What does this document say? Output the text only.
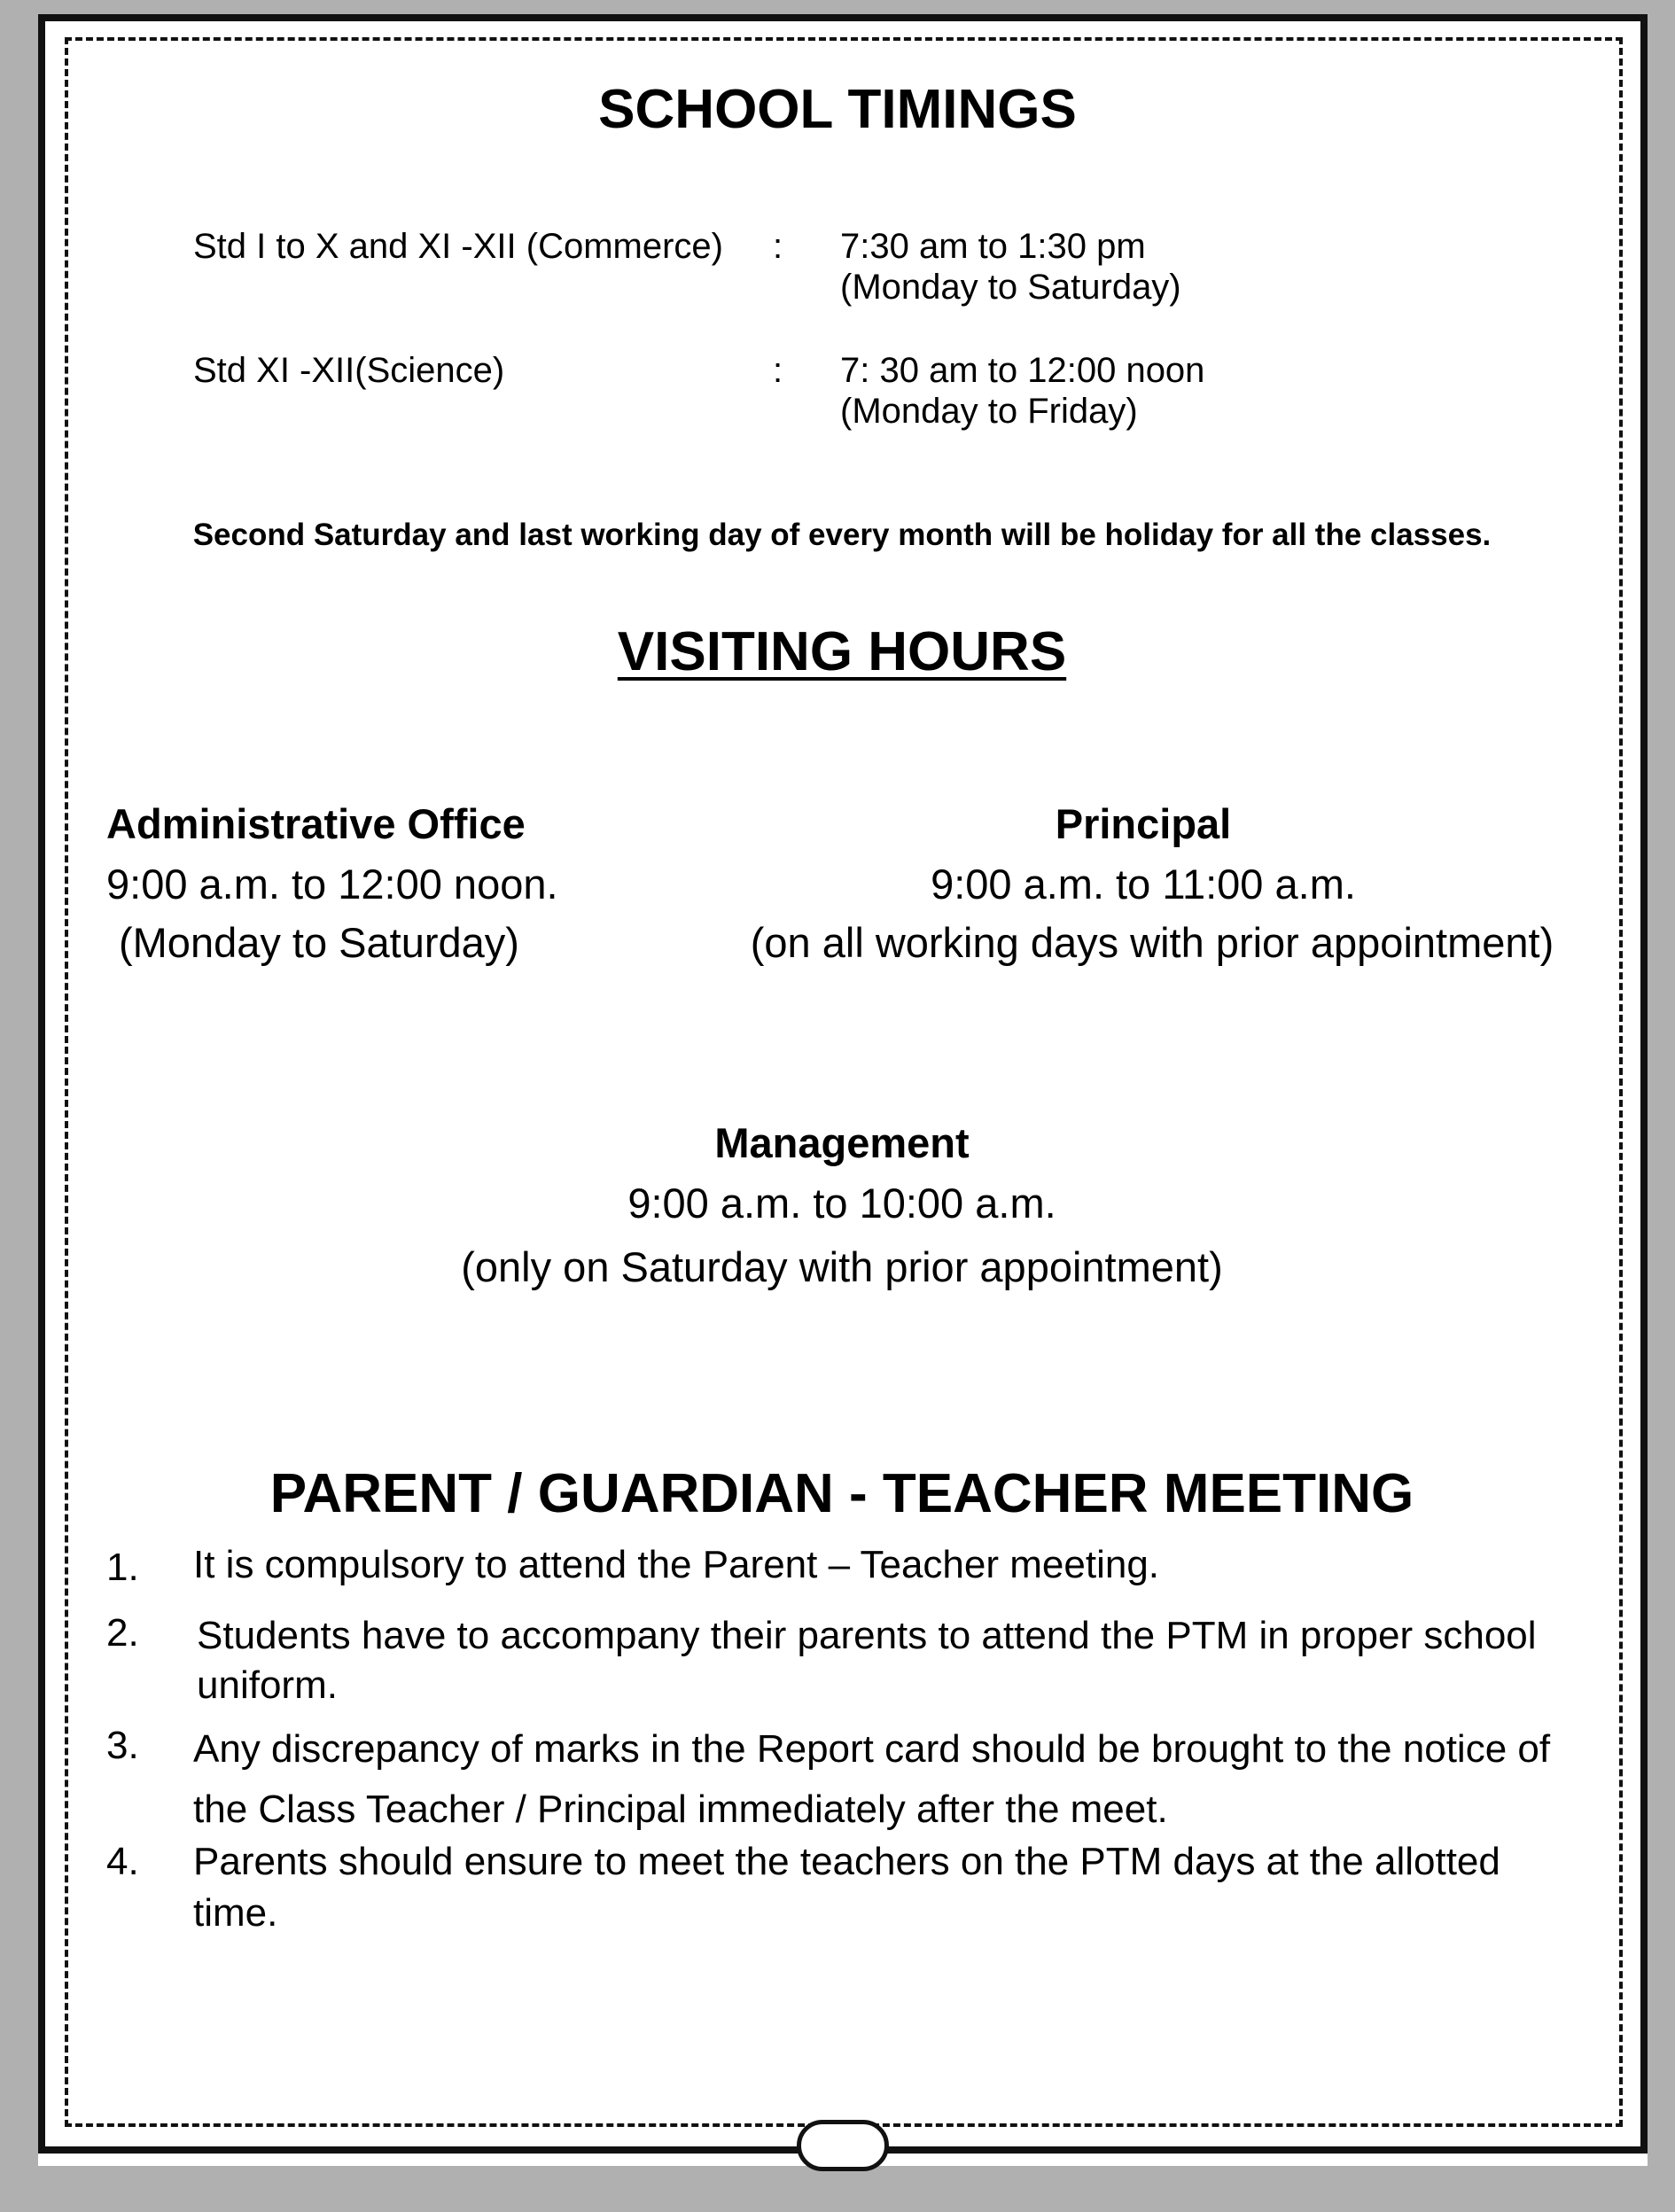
SCHOOL TIMINGS
Std I to X and XI -XII (Commerce) : 7:30 am to 1:30 pm
(Monday to Saturday)
Std XI -XII(Science)	: 7: 30 am to 12:00 noon
(Monday to Friday)
Second Saturday and last working day of every month will be holiday for all the classes.
VISITING HOURS
Administrative Office
9:00 a.m. to 12:00 noon.
(Monday to Saturday)
Principal
9:00 a.m. to 11:00 a.m.
(on all working days with prior appointment)
Management
9:00 a.m. to 10:00 a.m.
(only on Saturday with prior appointment)
PARENT / GUARDIAN - TEACHER MEETING
1. It is compulsory to attend the Parent – Teacher meeting.
2. Students have to accompany their parents to attend the PTM in proper school uniform.
3. Any discrepancy of marks in the Report card should be brought to the notice of the Class Teacher / Principal immediately after the meet.
4. Parents should ensure to meet the teachers on the PTM days at the allotted time.
